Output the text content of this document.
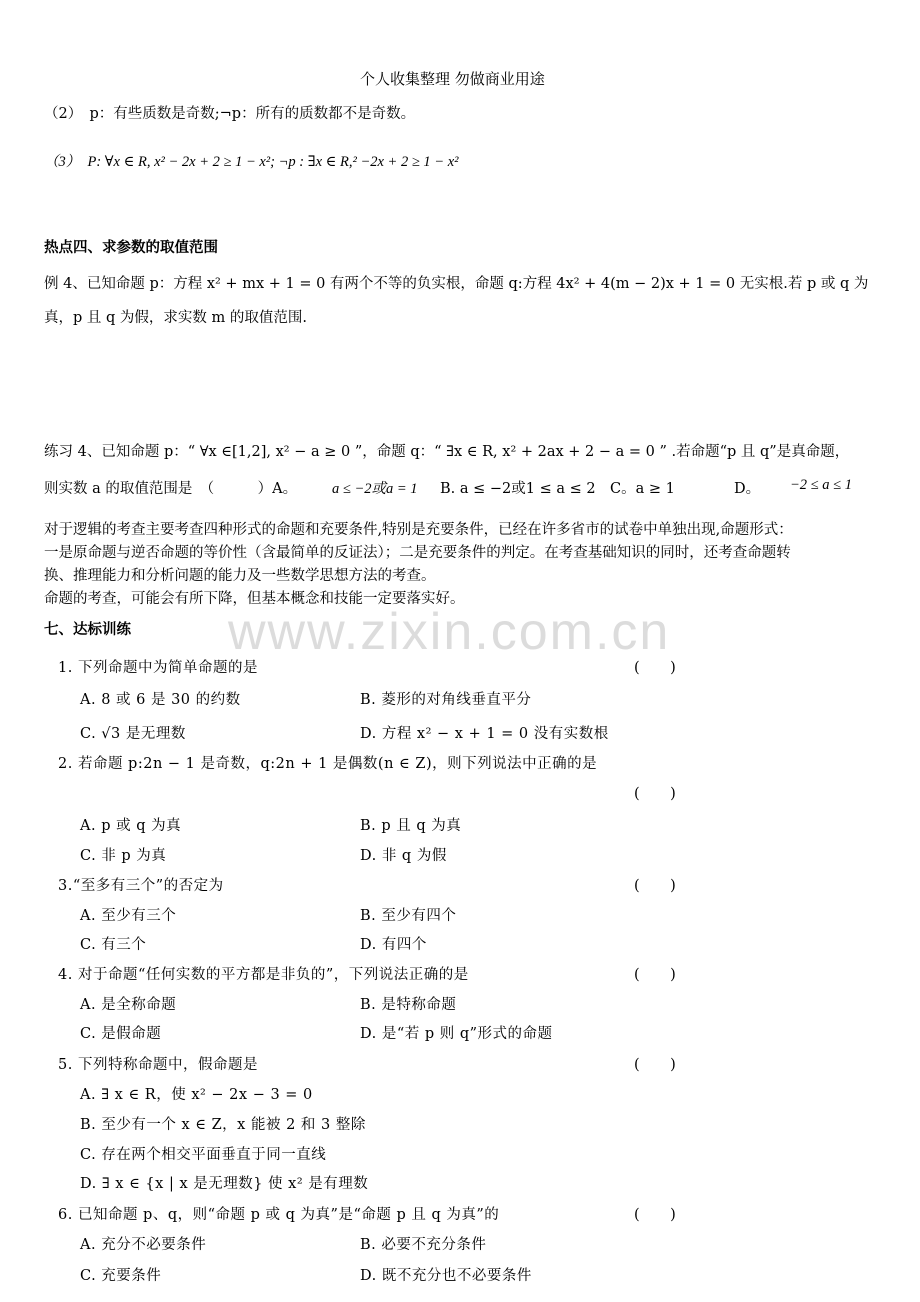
www.zixin.com.cn
个人收集整理 勿做商业用途
（2）　p：有些质数是奇数;¬p：所有的质数都不是奇数。
（3）　P: ∀x ∈ R, x² − 2x + 2 ≥ 1 − x²; ¬p : ∃x ∈ R,² −2x + 2 ≥ 1 − x²
热点四、求参数的取值范围
例 4、已知命题 p：方程 x² + mx + 1 = 0 有两个不等的负实根，命题 q:方程 4x² + 4(m − 2)x + 1 = 0 无实根.若 p 或 q 为
真，p 且 q 为假，求实数 m 的取值范围.
练习 4、已知命题 p：“ ∀x ∈[1,2], x² − a ≥ 0 ”，命题 q：“ ∃x ∈ R, x² + 2ax + 2 − a = 0 ” .若命题“p 且 q”是真命题，
则实数 a 的取值范围是　（　　　）A。 a ≤ −2或a = 1 B. a ≤ −2或1 ≤ a ≤ 2 C。a ≥ 1	D。 −2 ≤ a ≤ 1
对于逻辑的考查主要考查四种形式的命题和充要条件,特别是充要条件，已经在许多省市的试卷中单独出现,命题形式：
一是原命题与逆否命题的等价性（含最简单的反证法）；二是充要条件的判定。在考查基础知识的同时，还考查命题转
换、推理能力和分析问题的能力及一些数学思想方法的考查。
命题的考查，可能会有所下降，但基本概念和技能一定要落实好。
七、达标训练
1. 下列命题中为简单命题的是	(　　)
A. 8 或 6 是 30 的约数	B. 菱形的对角线垂直平分
C. √3 是无理数	D. 方程 x² − x + 1 = 0 没有实数根
2. 若命题 p:2n − 1 是奇数，q:2n + 1 是偶数(n ∈ Z)，则下列说法中正确的是
(　　)
A. p 或 q 为真	B. p 且 q 为真
C. 非 p 为真	D. 非 q 为假
3.“至多有三个”的否定为	(　　)
A. 至少有三个	B. 至少有四个
C. 有三个	D. 有四个
4. 对于命题“任何实数的平方都是非负的”，下列说法正确的是	(　　)
A. 是全称命题	B. 是特称命题
C. 是假命题	D. 是“若 p 则 q”形式的命题
5. 下列特称命题中，假命题是	(　　)
A. ∃ x ∈ R，使 x² − 2x − 3 = 0
B. 至少有一个 x ∈ Z，x 能被 2 和 3 整除
C. 存在两个相交平面垂直于同一直线
D. ∃ x ∈ {x | x 是无理数} 使 x² 是有理数
6. 已知命题 p、q，则“命题 p 或 q 为真”是“命题 p 且 q 为真”的	(　　)
A. 充分不必要条件	B. 必要不充分条件
C. 充要条件	D. 既不充分也不必要条件
